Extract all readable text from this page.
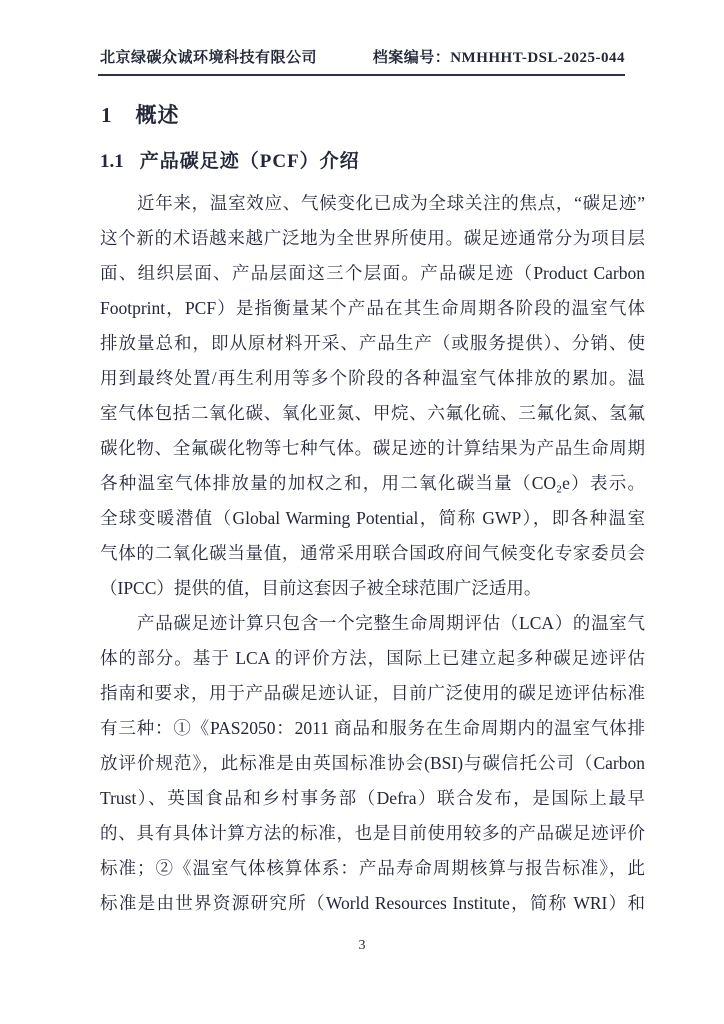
北京绿碳众诚环境科技有限公司	档案编号：NMHHHT-DSL-2025-044
1 概述
1.1 产品碳足迹（PCF）介绍
近年来，温室效应、气候变化已成为全球关注的焦点，“碳足迹”
这个新的术语越来越广泛地为全世界所使用。碳足迹通常分为项目层
面、组织层面、产品层面这三个层面。产品碳足迹（Product Carbon
Footprint，PCF）是指衡量某个产品在其生命周期各阶段的温室气体
排放量总和，即从原材料开采、产品生产（或服务提供）、分销、使
用到最终处置/再生利用等多个阶段的各种温室气体排放的累加。温
室气体包括二氧化碳、氧化亚氮、甲烷、六氟化硫、三氟化氮、氢氟
碳化物、全氟碳化物等七种气体。碳足迹的计算结果为产品生命周期
各种温室气体排放量的加权之和，用二氧化碳当量（CO₂e）表示。
全球变暖潜值（Global Warming Potential，简称 GWP），即各种温室
气体的二氧化碳当量值，通常采用联合国政府间气候变化专家委员会
（IPCC）提供的值，目前这套因子被全球范围广泛适用。
产品碳足迹计算只包含一个完整生命周期评估（LCA）的温室气
体的部分。基于 LCA 的评价方法，国际上已建立起多种碳足迹评估
指南和要求，用于产品碳足迹认证，目前广泛使用的碳足迹评估标准
有三种：①《PAS2050：2011 商品和服务在生命周期内的温室气体排
放评价规范》，此标准是由英国标准协会(BSI)与碳信托公司（Carbon
Trust）、英国食品和乡村事务部（Defra）联合发布，是国际上最早
的、具有具体计算方法的标准，也是目前使用较多的产品碳足迹评价
标准；②《温室气体核算体系：产品寿命周期核算与报告标准》，此
标准是由世界资源研究所（World Resources Institute，简称 WRI）和
3
